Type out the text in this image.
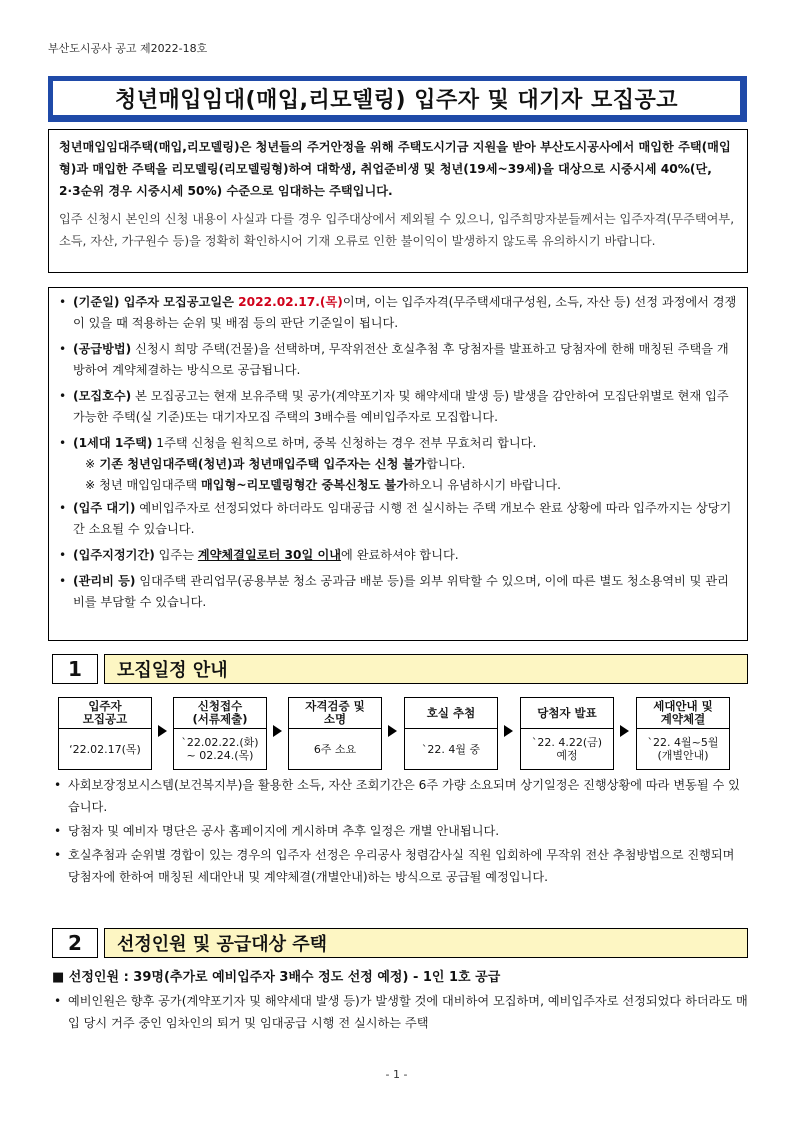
부산도시공사 공고 제2022-18호
청년매입임대(매입,리모델링) 입주자 및 대기자 모집공고

청년매입임대주택(매입,리모델링)은 청년들의 주거안정을 위해 주택도시기금 지원을 받아 부산도시공사에서 매입한 주택(매입형)과 매입한 주택을 리모델링(리모델링형)하여 대학생, 취업준비생 및 청년(19세~39세)을 대상으로 시중시세 40%(단, 2·3순위 경우 시중시세 50%) 수준으로 임대하는 주택입니다.

입주 신청시 본인의 신청 내용이 사실과 다를 경우 입주대상에서 제외될 수 있으니, 입주희망자분들께서는 입주자격(무주택여부, 소득, 자산, 가구원수 등)을 정확히 확인하시어 기재 오류로 인한 불이익이 발생하지 않도록 유의하시기 바랍니다.

• (기준일) 입주자 모집공고일은 2022.02.17.(목)이며, 이는 입주자격(무주택세대구성원, 소득, 자산 등) 선정 과정에서 경쟁이 있을 때 적용하는 순위 및 배점 등의 판단 기준일이 됩니다.
• (공급방법) 신청시 희망 주택(건물)을 선택하며, 무작위전산 호실추첨 후 당첨자를 발표하고 당첨자에 한해 매칭된 주택을 개방하여 계약체결하는 방식으로 공급됩니다.
• (모집호수) 본 모집공고는 현재 보유주택 및 공가(계약포기자 및 해약세대 발생 등) 발생을 감안하여 모집단위별로 현재 입주가능한 주택(실 기준)또는 대기자모집 주택의 3배수를 예비입주자로 모집합니다.
• (1세대 1주택) 1주택 신청을 원칙으로 하며, 중복 신청하는 경우 전부 무효처리 합니다.
※ 기존 청년임대주택(청년)과 청년매입주택 입주자는 신청 불가합니다.
※ 청년 매입임대주택 매입형~리모델링형간 중복신청도 불가하오니 유념하시기 바랍니다.
• (입주 대기) 예비입주자로 선정되었다 하더라도 임대공급 시행 전 실시하는 주택 개보수 완료 상황에 따라 입주까지는 상당기간 소요될 수 있습니다.
• (입주지정기간) 입주는 계약체결일로터 30일 이내에 완료하셔야 합니다.
• (관리비 등) 임대주택 관리업무(공용부분 청소 공과금 배분 등)를 외부 위탁할 수 있으며, 이에 따른 별도 청소용역비 및 관리비를 부담할 수 있습니다.
1	모집일정 안내
입주자
모집공고
‘22.02.17(목)
신청접수
(서류제출)
`22.02.22.(화)
~ 02.24.(목)
자격검증 및
소명
6주 소요
호실 추첨
`22. 4월 중
당첨자 발표
`22. 4.22(금)
예정
세대안내 및
계약체결
`22. 4월~5월
(개별안내)
• 사회보장정보시스템(보건복지부)을 활용한 소득, 자산 조회기간은 6주 가량 소요되며 상기일정은 진행상황에 따라 변동될 수 있습니다.
• 당첨자 및 예비자 명단은 공사 홈페이지에 게시하며 추후 일정은 개별 안내됩니다.
• 호실추첨과 순위별 경합이 있는 경우의 입주자 선정은 우리공사 청렴감사실 직원 입회하에 무작위 전산 추첨방법으로 진행되며 당첨자에 한하여 매칭된 세대안내 및 계약체결(개별안내)하는 방식으로 공급될 예정입니다.
2	선정인원 및 공급대상 주택
■ 선정인원 : 39명(추가로 예비입주자 3배수 정도 선정 예정) - 1인 1호 공급
• 예비인원은 향후 공가(계약포기자 및 해약세대 발생 등)가 발생할 것에 대비하여 모집하며, 예비입주자로 선정되었다 하더라도 매입 당시 거주 중인 임차인의 퇴거 및 임대공급 시행 전 실시하는 주택
- 1 -
